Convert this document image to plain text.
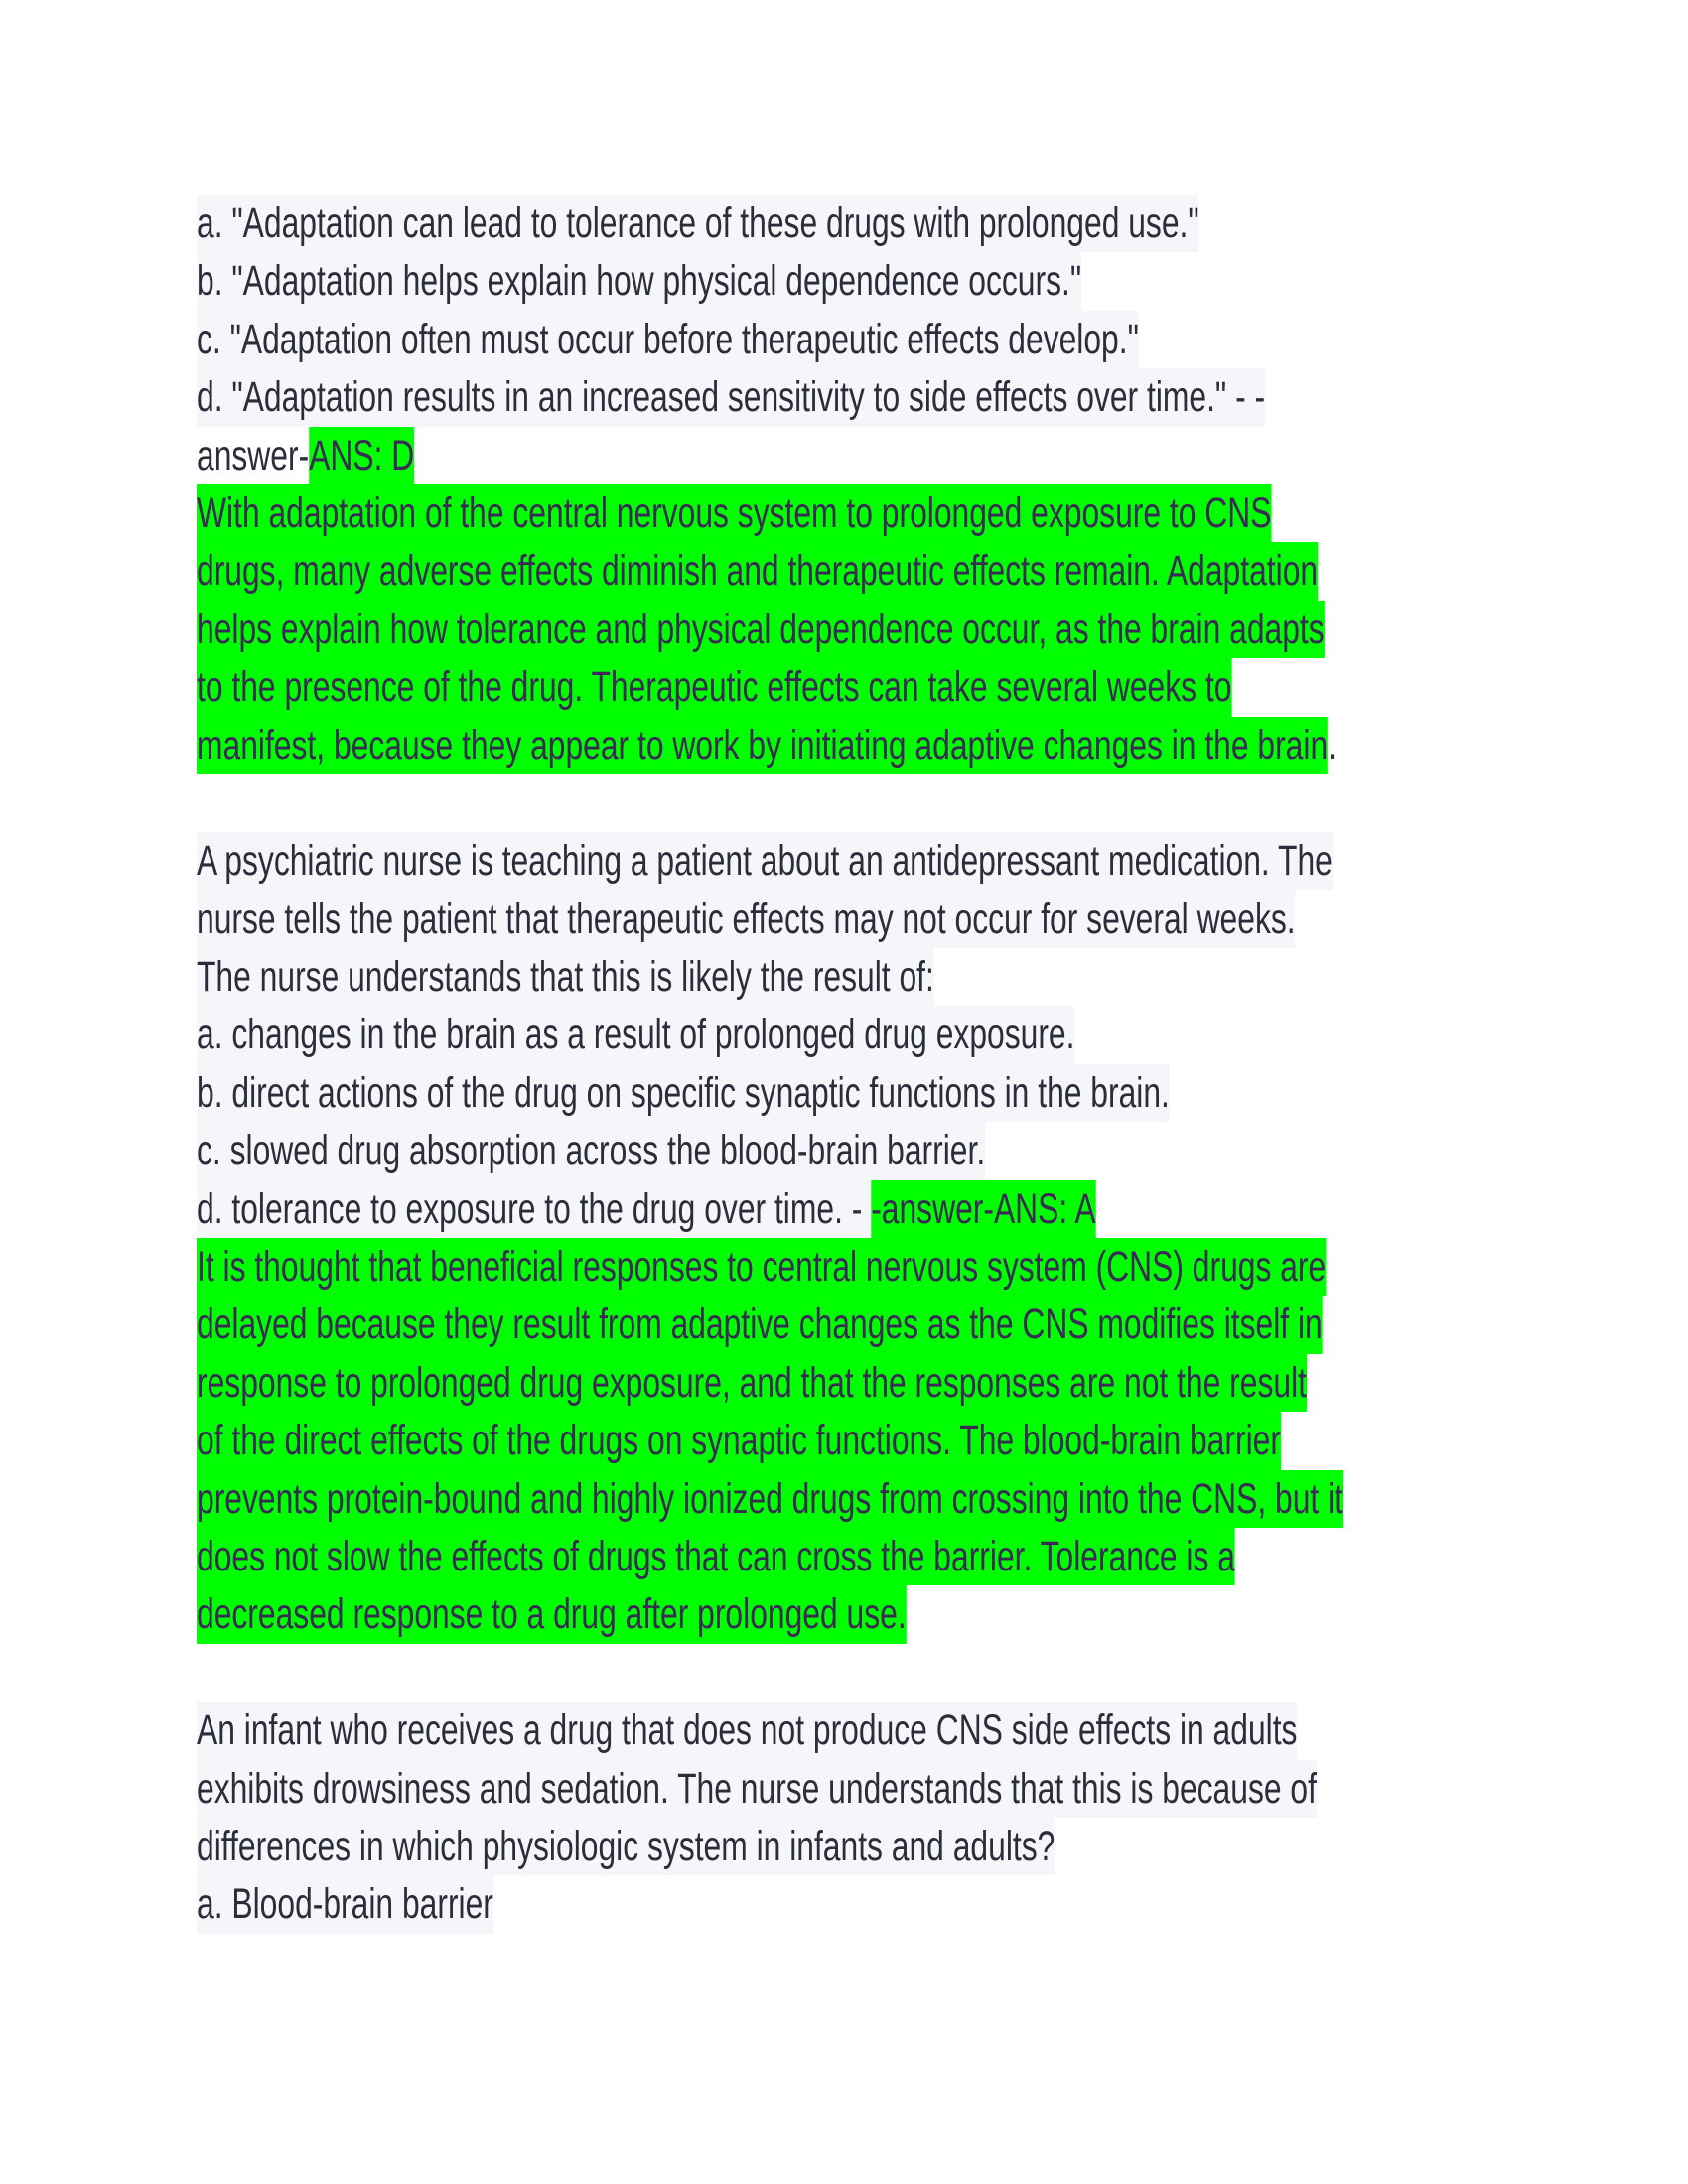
a. "Adaptation can lead to tolerance of these drugs with prolonged use."
b. "Adaptation helps explain how physical dependence occurs."
c. "Adaptation often must occur before therapeutic effects develop."
d. "Adaptation results in an increased sensitivity to side effects over time." - -
answer-ANS: D
With adaptation of the central nervous system to prolonged exposure to CNS
drugs, many adverse effects diminish and therapeutic effects remain. Adaptation
helps explain how tolerance and physical dependence occur, as the brain adapts
to the presence of the drug. Therapeutic effects can take several weeks to
manifest, because they appear to work by initiating adaptive changes in the brain.
A psychiatric nurse is teaching a patient about an antidepressant medication. The
nurse tells the patient that therapeutic effects may not occur for several weeks.
The nurse understands that this is likely the result of:
a. changes in the brain as a result of prolonged drug exposure.
b. direct actions of the drug on specific synaptic functions in the brain.
c. slowed drug absorption across the blood-brain barrier.
d. tolerance to exposure to the drug over time. - -answer-ANS: A
It is thought that beneficial responses to central nervous system (CNS) drugs are
delayed because they result from adaptive changes as the CNS modifies itself in
response to prolonged drug exposure, and that the responses are not the result
of the direct effects of the drugs on synaptic functions. The blood-brain barrier
prevents protein-bound and highly ionized drugs from crossing into the CNS, but it
does not slow the effects of drugs that can cross the barrier. Tolerance is a
decreased response to a drug after prolonged use.
An infant who receives a drug that does not produce CNS side effects in adults
exhibits drowsiness and sedation. The nurse understands that this is because of
differences in which physiologic system in infants and adults?
a. Blood-brain barrier
